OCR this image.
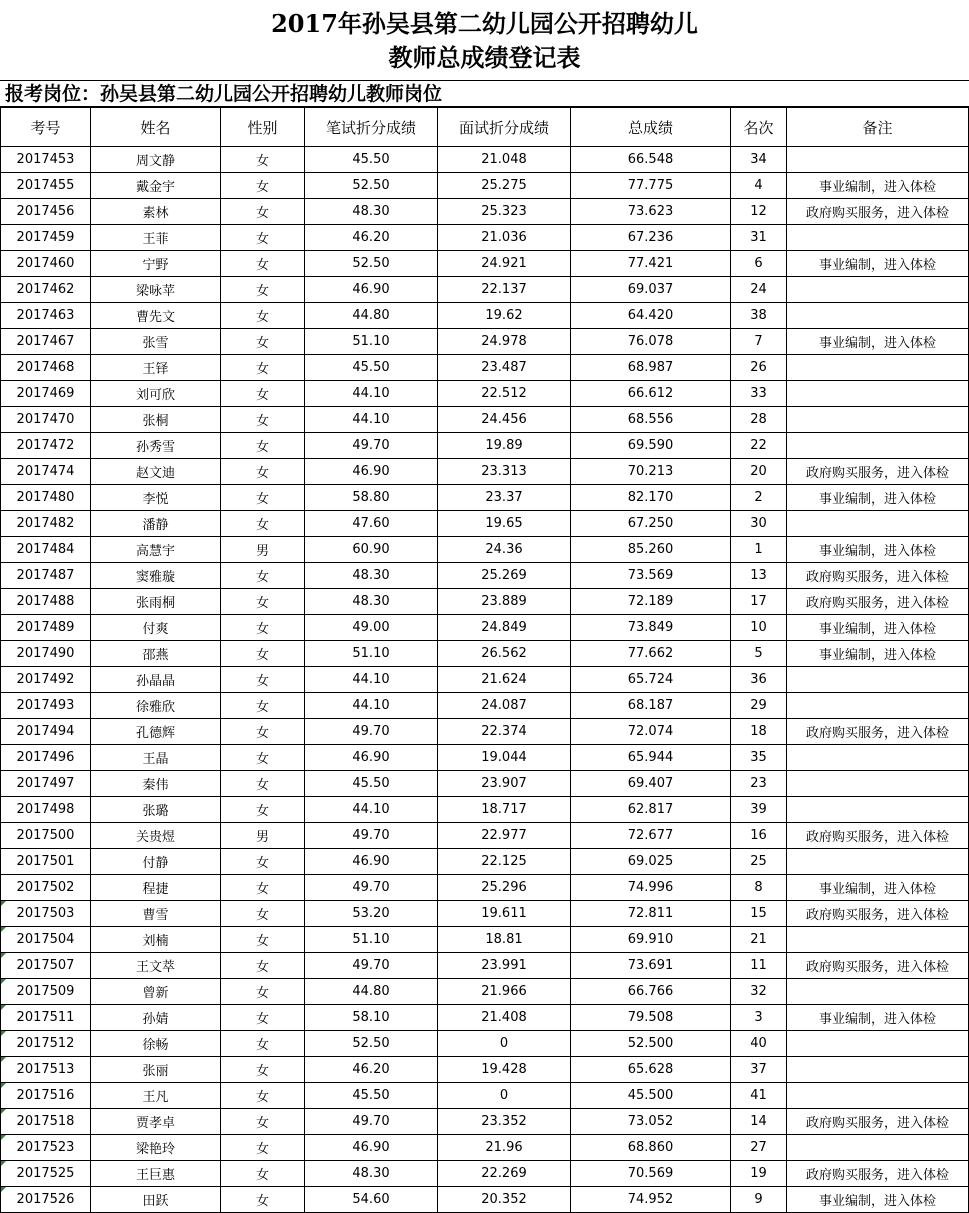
2017年孙吴县第二幼儿园公开招聘幼儿
教师总成绩登记表
报考岗位：孙吴县第二幼儿园公开招聘幼儿教师岗位
考号	姓名	性别	笔试折分成绩	面试折分成绩	总成绩	名次	备注
2017453	周文静	女	45.50	21.048	66.548	34	
2017455	戴金宇	女	52.50	25.275	77.775	4	事业编制，进入体检
2017456	素林	女	48.30	25.323	73.623	12	政府购买服务，进入体检
2017459	王菲	女	46.20	21.036	67.236	31	
2017460	宁野	女	52.50	24.921	77.421	6	事业编制，进入体检
2017462	梁咏苹	女	46.90	22.137	69.037	24	
2017463	曹先文	女	44.80	19.62	64.420	38	
2017467	张雪	女	51.10	24.978	76.078	7	事业编制，进入体检
2017468	王铎	女	45.50	23.487	68.987	26	
2017469	刘可欣	女	44.10	22.512	66.612	33	
2017470	张桐	女	44.10	24.456	68.556	28	
2017472	孙秀雪	女	49.70	19.89	69.590	22	
2017474	赵文迪	女	46.90	23.313	70.213	20	政府购买服务，进入体检
2017480	李悦	女	58.80	23.37	82.170	2	事业编制，进入体检
2017482	潘静	女	47.60	19.65	67.250	30	
2017484	高慧宇	男	60.90	24.36	85.260	1	事业编制，进入体检
2017487	窦雅璇	女	48.30	25.269	73.569	13	政府购买服务，进入体检
2017488	张雨桐	女	48.30	23.889	72.189	17	政府购买服务，进入体检
2017489	付爽	女	49.00	24.849	73.849	10	事业编制，进入体检
2017490	邵燕	女	51.10	26.562	77.662	5	事业编制，进入体检
2017492	孙晶晶	女	44.10	21.624	65.724	36	
2017493	徐雅欣	女	44.10	24.087	68.187	29	
2017494	孔德辉	女	49.70	22.374	72.074	18	政府购买服务，进入体检
2017496	王晶	女	46.90	19.044	65.944	35	
2017497	秦伟	女	45.50	23.907	69.407	23	
2017498	张璐	女	44.10	18.717	62.817	39	
2017500	关贵煜	男	49.70	22.977	72.677	16	政府购买服务，进入体检
2017501	付静	女	46.90	22.125	69.025	25	
2017502	程捷	女	49.70	25.296	74.996	8	事业编制，进入体检

2017503	曹雪	女	53.20	19.611	72.811	15	政府购买服务，进入体检

2017504	刘楠	女	51.10	18.81	69.910	21	

2017507	王文萃	女	49.70	23.991	73.691	11	政府购买服务，进入体检

2017509	曾新	女	44.80	21.966	66.766	32	

2017511	孙婧	女	58.10	21.408	79.508	3	事业编制，进入体检

2017512	徐畅	女	52.50	0	52.500	40	

2017513	张丽	女	46.20	19.428	65.628	37	

2017516	王凡	女	45.50	0	45.500	41	

2017518	贾孝卓	女	49.70	23.352	73.052	14	政府购买服务，进入体检

2017523	梁艳玲	女	46.90	21.96	68.860	27	

2017525	王巨惠	女	48.30	22.269	70.569	19	政府购买服务，进入体检

2017526	田跃	女	54.60	20.352	74.952	9	事业编制，进入体检
